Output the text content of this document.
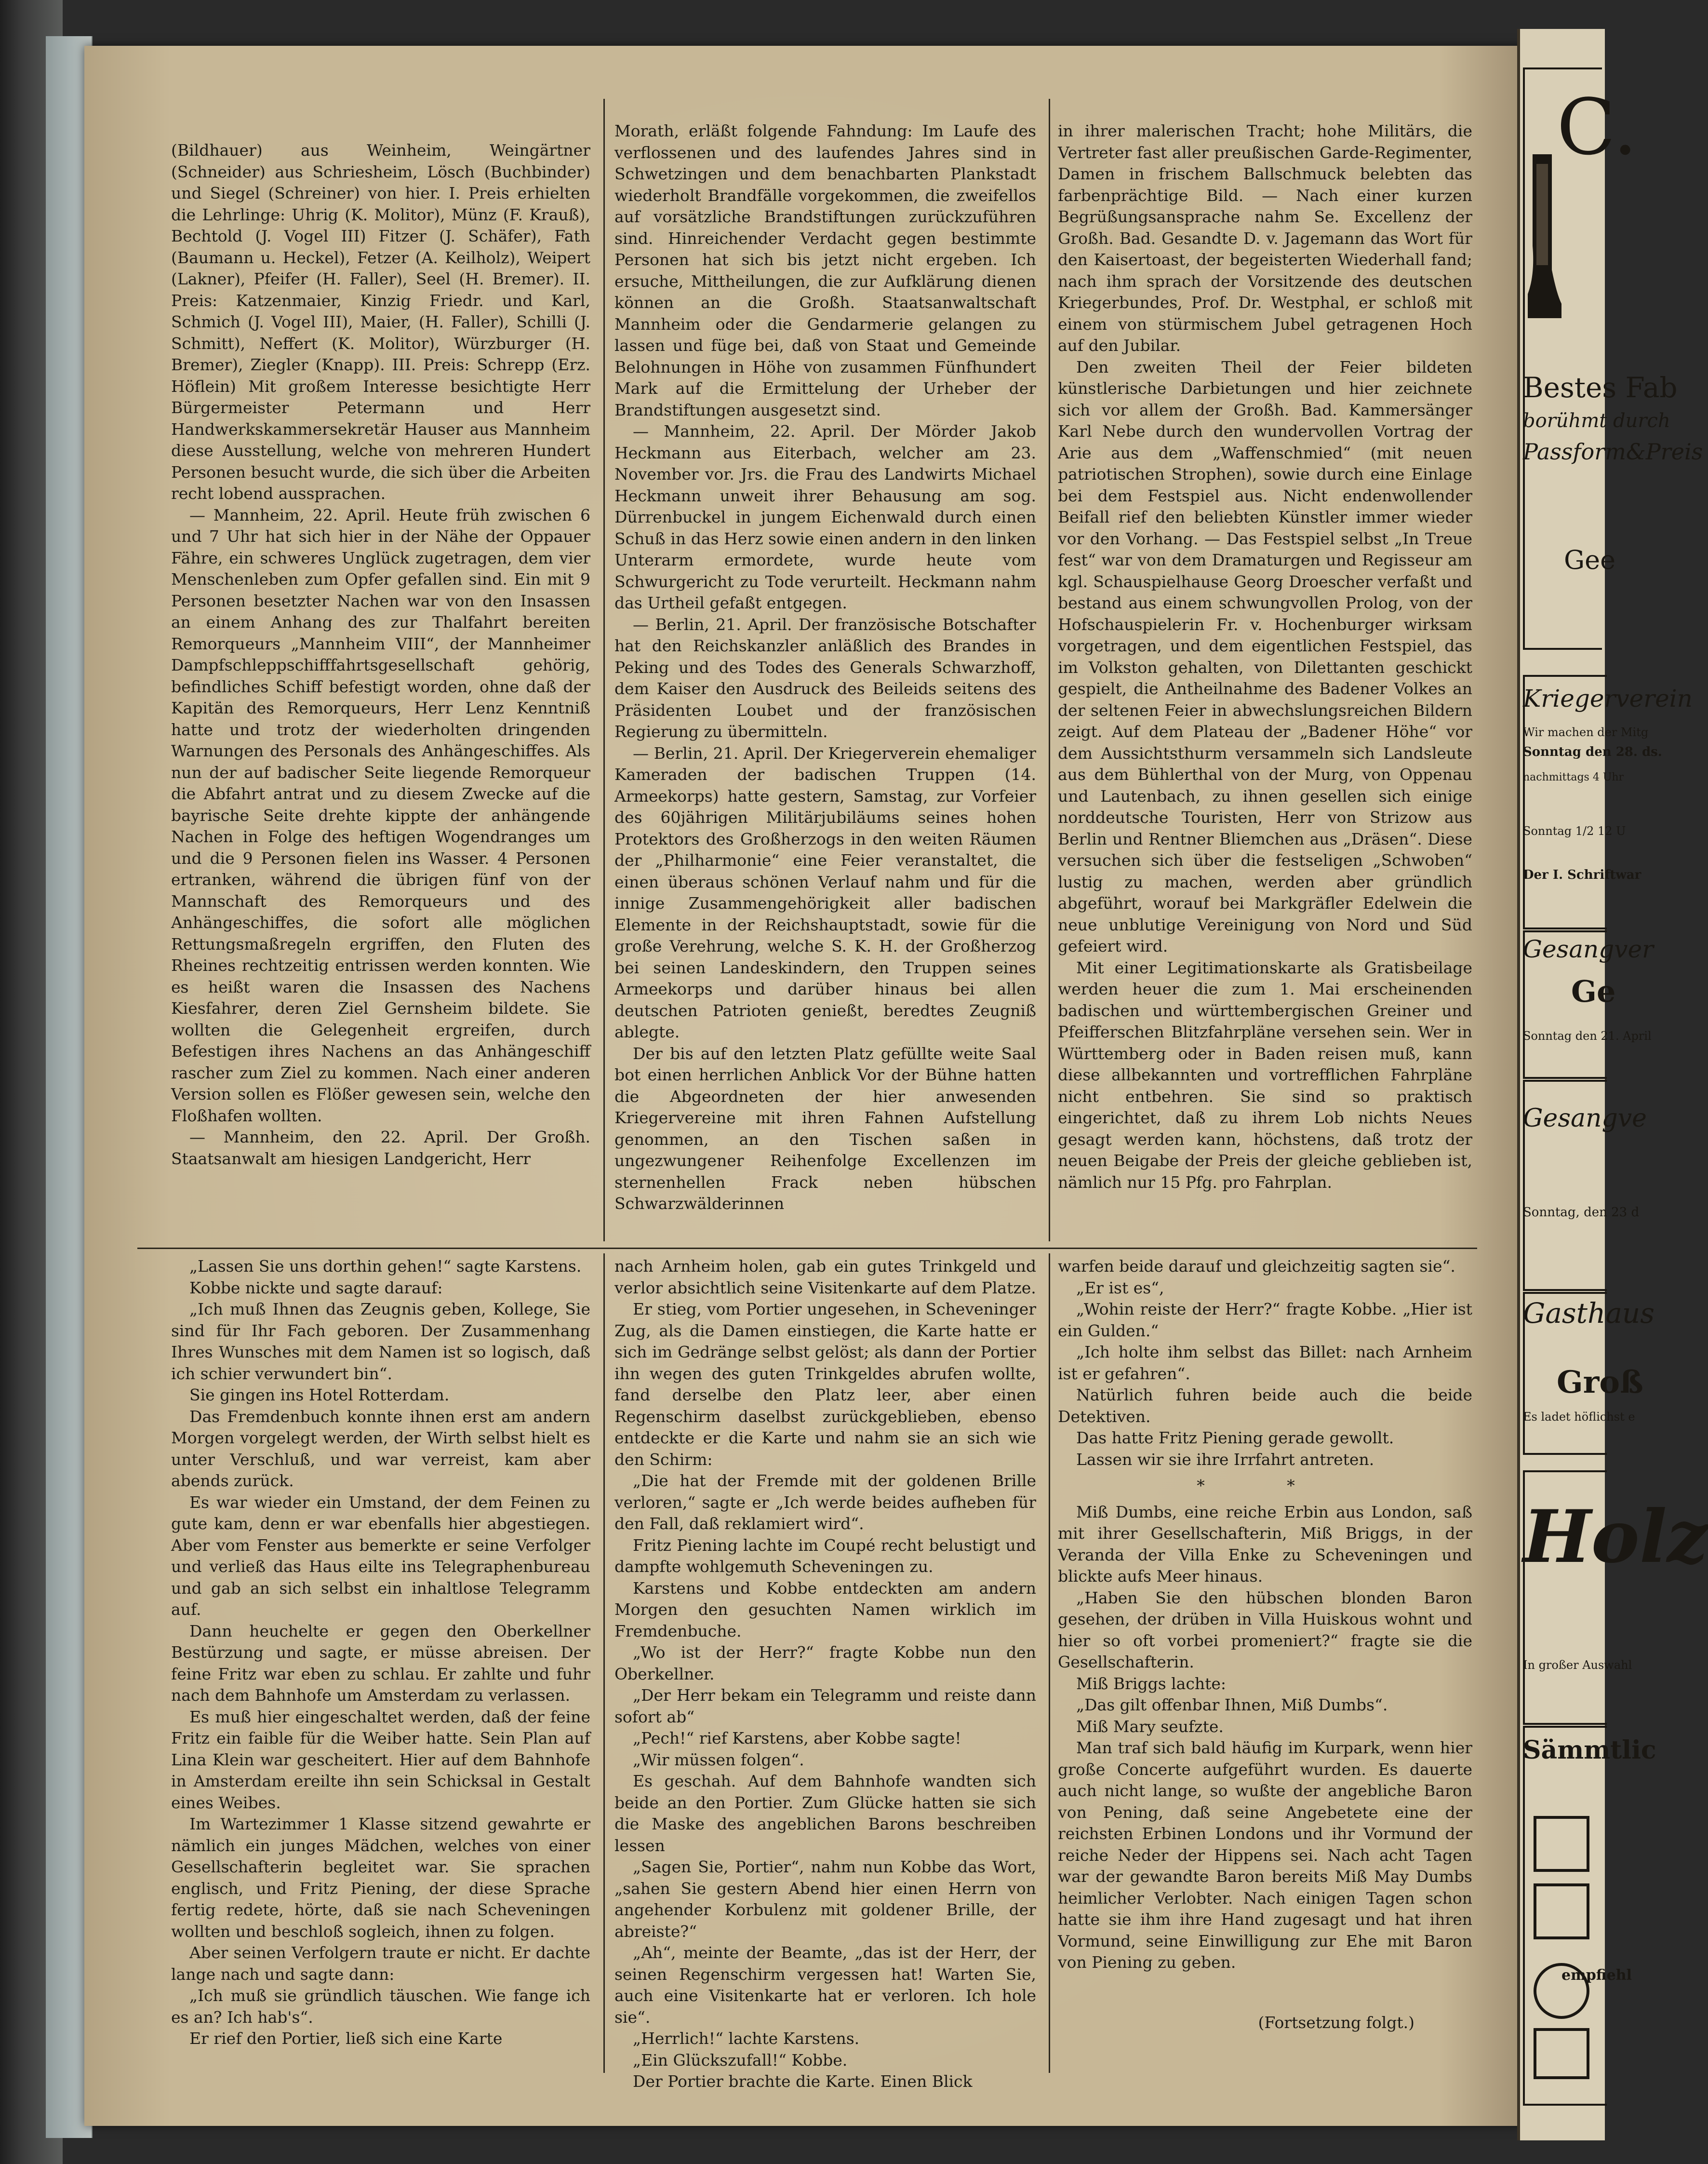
(Bildhauer) aus Weinheim, Weingärtner (Schneider) aus Schriesheim, Lösch (Buchbinder) und Siegel (Schreiner) von hier. I. Preis erhielten die Lehrlinge: Uhrig (K. Molitor), Münz (F. Krauß), Bechtold (J. Vogel III) Fitzer (J. Schäfer), Fath (Baumann u. Heckel), Fetzer (A. Keilholz), Weipert (Lakner), Pfeifer (H. Faller), Seel (H. Bremer). II. Preis: Katzenmaier, Kinzig Friedr. und Karl, Schmich (J. Vogel III), Maier, (H. Faller), Schilli (J. Schmitt), Neffert (K. Molitor), Würzburger (H. Bremer), Ziegler (Knapp). III. Preis: Schrepp (Erz. Höflein) Mit großem Interesse besichtigte Herr Bürgermeister Petermann und Herr Handwerkskammersekretär Hauser aus Mannheim diese Ausstellung, welche von mehreren Hundert Personen besucht wurde, die sich über die Arbeiten recht lobend aussprachen.

— Mannheim, 22. April. Heute früh zwischen 6 und 7 Uhr hat sich hier in der Nähe der Oppauer Fähre, ein schweres Unglück zugetragen, dem vier Menschenleben zum Opfer gefallen sind. Ein mit 9 Personen besetzter Nachen war von den Insassen an einem Anhang des zur Thalfahrt bereiten Remorqueurs „Mannheim VIII“, der Mannheimer Dampfschleppschifffahrtsgesellschaft gehörig, befindliches Schiff befestigt worden, ohne daß der Kapitän des Remorqueurs, Herr Lenz Kenntniß hatte und trotz der wiederholten dringenden Warnungen des Personals des Anhängeschiffes. Als nun der auf badischer Seite liegende Remorqueur die Abfahrt antrat und zu diesem Zwecke auf die bayrische Seite drehte kippte der anhängende Nachen in Folge des heftigen Wogendranges um und die 9 Personen fielen ins Wasser. 4 Personen ertranken, während die übrigen fünf von der Mannschaft des Remorqueurs und des Anhängeschiffes, die sofort alle möglichen Rettungsmaßregeln ergriffen, den Fluten des Rheines rechtzeitig entrissen werden konnten. Wie es heißt waren die Insassen des Nachens Kiesfahrer, deren Ziel Gernsheim bildete. Sie wollten die Gelegenheit ergreifen, durch Befestigen ihres Nachens an das Anhängeschiff rascher zum Ziel zu kommen. Nach einer anderen Version sollen es Flößer gewesen sein, welche den Floßhafen wollten.

— Mannheim, den 22. April. Der Großh. Staatsanwalt am hiesigen Landgericht, Herr

Morath, erläßt folgende Fahndung: Im Laufe des verflossenen und des laufendes Jahres sind in Schwetzingen und dem benachbarten Plankstadt wiederholt Brandfälle vorgekommen, die zweifellos auf vorsätzliche Brandstiftungen zurückzuführen sind. Hinreichender Verdacht gegen bestimmte Personen hat sich bis jetzt nicht ergeben. Ich ersuche, Mittheilungen, die zur Aufklärung dienen können an die Großh. Staatsanwaltschaft Mannheim oder die Gendarmerie gelangen zu lassen und füge bei, daß von Staat und Gemeinde Belohnungen in Höhe von zusammen Fünfhundert Mark auf die Ermittelung der Urheber der Brandstiftungen ausgesetzt sind.

— Mannheim, 22. April. Der Mörder Jakob Heckmann aus Eiterbach, welcher am 23. November vor. Jrs. die Frau des Landwirts Michael Heckmann unweit ihrer Behausung am sog. Dürrenbuckel in jungem Eichenwald durch einen Schuß in das Herz sowie einen andern in den linken Unterarm ermordete, wurde heute vom Schwurgericht zu Tode verurteilt. Heckmann nahm das Urtheil gefaßt entgegen.

— Berlin, 21. April. Der französische Botschafter hat den Reichskanzler anläßlich des Brandes in Peking und des Todes des Generals Schwarzhoff, dem Kaiser den Ausdruck des Beileids seitens des Präsidenten Loubet und der französischen Regierung zu übermitteln.

— Berlin, 21. April. Der Kriegerverein ehemaliger Kameraden der badischen Truppen (14. Armeekorps) hatte gestern, Samstag, zur Vorfeier des 60jährigen Militärjubiläums seines hohen Protektors des Großherzogs in den weiten Räumen der „Philharmonie“ eine Feier veranstaltet, die einen überaus schönen Verlauf nahm und für die innige Zusammengehörigkeit aller badischen Elemente in der Reichshauptstadt, sowie für die große Verehrung, welche S. K. H. der Großherzog bei seinen Landeskindern, den Truppen seines Armeekorps und darüber hinaus bei allen deutschen Patrioten genießt, beredtes Zeugniß ablegte.

Der bis auf den letzten Platz gefüllte weite Saal bot einen herrlichen Anblick Vor der Bühne hatten die Abgeordneten der hier anwesenden Kriegervereine mit ihren Fahnen Aufstellung genommen, an den Tischen saßen in ungezwungener Reihenfolge Excellenzen im sternenhellen Frack neben hübschen Schwarzwälderinnen

in ihrer malerischen Tracht; hohe Militärs, die Vertreter fast aller preußischen Garde-Regimenter, Damen in frischem Ballschmuck belebten das farbenprächtige Bild. — Nach einer kurzen Begrüßungsansprache nahm Se. Excellenz der Großh. Bad. Gesandte D. v. Jagemann das Wort für den Kaisertoast, der begeisterten Wiederhall fand; nach ihm sprach der Vorsitzende des deutschen Kriegerbundes, Prof. Dr. Westphal, er schloß mit einem von stürmischem Jubel getragenen Hoch auf den Jubilar.

Den zweiten Theil der Feier bildeten künstlerische Darbietungen und hier zeichnete sich vor allem der Großh. Bad. Kammersänger Karl Nebe durch den wundervollen Vortrag der Arie aus dem „Waffenschmied“ (mit neuen patriotischen Strophen), sowie durch eine Einlage bei dem Festspiel aus. Nicht endenwollender Beifall rief den beliebten Künstler immer wieder vor den Vorhang. — Das Festspiel selbst „In Treue fest“ war von dem Dramaturgen und Regisseur am kgl. Schauspielhause Georg Droescher verfaßt und bestand aus einem schwungvollen Prolog, von der Hofschauspielerin Fr. v. Hochenburger wirksam vorgetragen, und dem eigentlichen Festspiel, das im Volkston gehalten, von Dilettanten geschickt gespielt, die Antheilnahme des Badener Volkes an der seltenen Feier in abwechslungsreichen Bildern zeigt. Auf dem Plateau der „Badener Höhe“ vor dem Aussichtsthurm versammeln sich Landsleute aus dem Bühlerthal von der Murg, von Oppenau und Lautenbach, zu ihnen gesellen sich einige norddeutsche Touristen, Herr von Strizow aus Berlin und Rentner Bliemchen aus „Dräsen“. Diese versuchen sich über die festseligen „Schwoben“ lustig zu machen, werden aber gründlich abgeführt, worauf bei Markgräfler Edelwein die neue unblutige Vereinigung von Nord und Süd gefeiert wird.

Mit einer Legitimationskarte als Gratisbeilage werden heuer die zum 1. Mai erscheinenden badischen und württembergischen Greiner und Pfeifferschen Blitzfahrpläne versehen sein. Wer in Württemberg oder in Baden reisen muß, kann diese allbekannten und vortrefflichen Fahrpläne nicht entbehren. Sie sind so praktisch eingerichtet, daß zu ihrem Lob nichts Neues gesagt werden kann, höchstens, daß trotz der neuen Beigabe der Preis der gleiche geblieben ist, nämlich nur 15 Pfg. pro Fahrplan.

„Lassen Sie uns dorthin gehen!“ sagte Karstens.

Kobbe nickte und sagte darauf:

„Ich muß Ihnen das Zeugnis geben, Kollege, Sie sind für Ihr Fach geboren. Der Zusammenhang Ihres Wunsches mit dem Namen ist so logisch, daß ich schier verwundert bin“.

Sie gingen ins Hotel Rotterdam.

Das Fremdenbuch konnte ihnen erst am andern Morgen vorgelegt werden, der Wirth selbst hielt es unter Verschluß, und war verreist, kam aber abends zurück.

Es war wieder ein Umstand, der dem Feinen zu gute kam, denn er war ebenfalls hier abgestiegen. Aber vom Fenster aus bemerkte er seine Verfolger und verließ das Haus eilte ins Telegraphenbureau und gab an sich selbst ein inhaltlose Telegramm auf.

Dann heuchelte er gegen den Oberkellner Bestürzung und sagte, er müsse abreisen. Der feine Fritz war eben zu schlau. Er zahlte und fuhr nach dem Bahnhofe um Amsterdam zu verlassen.

Es muß hier eingeschaltet werden, daß der feine Fritz ein faible für die Weiber hatte. Sein Plan auf Lina Klein war gescheitert. Hier auf dem Bahnhofe in Amsterdam ereilte ihn sein Schicksal in Gestalt eines Weibes.

Im Wartezimmer 1 Klasse sitzend gewahrte er nämlich ein junges Mädchen, welches von einer Gesellschafterin begleitet war. Sie sprachen englisch, und Fritz Piening, der diese Sprache fertig redete, hörte, daß sie nach Scheveningen wollten und beschloß sogleich, ihnen zu folgen.

Aber seinen Verfolgern traute er nicht. Er dachte lange nach und sagte dann:

„Ich muß sie gründlich täuschen. Wie fange ich es an? Ich hab's“.

Er rief den Portier, ließ sich eine Karte

nach Arnheim holen, gab ein gutes Trinkgeld und verlor absichtlich seine Visitenkarte auf dem Platze.

Er stieg, vom Portier ungesehen, in Scheveninger Zug, als die Damen einstiegen, die Karte hatte er sich im Gedränge selbst gelöst; als dann der Portier ihn wegen des guten Trinkgeldes abrufen wollte, fand derselbe den Platz leer, aber einen Regenschirm daselbst zurückgeblieben, ebenso entdeckte er die Karte und nahm sie an sich wie den Schirm:

„Die hat der Fremde mit der goldenen Brille verloren,“ sagte er „Ich werde beides aufheben für den Fall, daß reklamiert wird“.

Fritz Piening lachte im Coupé recht belustigt und dampfte wohlgemuth Scheveningen zu.

Karstens und Kobbe entdeckten am andern Morgen den gesuchten Namen wirklich im Fremdenbuche.

„Wo ist der Herr?“ fragte Kobbe nun den Oberkellner.

„Der Herr bekam ein Telegramm und reiste dann sofort ab“

„Pech!“ rief Karstens, aber Kobbe sagte!

„Wir müssen folgen“.

Es geschah. Auf dem Bahnhofe wandten sich beide an den Portier. Zum Glücke hatten sie sich die Maske des angeblichen Barons beschreiben lessen

„Sagen Sie, Portier“, nahm nun Kobbe das Wort, „sahen Sie gestern Abend hier einen Herrn von angehender Korbulenz mit goldener Brille, der abreiste?“

„Ah“, meinte der Beamte, „das ist der Herr, der seinen Regenschirm vergessen hat! Warten Sie, auch eine Visitenkarte hat er verloren. Ich hole sie“.

„Herrlich!“ lachte Karstens.

„Ein Glückszufall!“ Kobbe.

Der Portier brachte die Karte. Einen Blick

warfen beide darauf und gleichzeitig sagten sie“.

„Er ist es“,

„Wohin reiste der Herr?“ fragte Kobbe. „Hier ist ein Gulden.“

„Ich holte ihm selbst das Billet: nach Arnheim ist er gefahren“.

Natürlich fuhren beide auch die beide Detektiven.

Das hatte Fritz Piening gerade gewollt.

Lassen wir sie ihre Irrfahrt antreten.

* *

Miß Dumbs, eine reiche Erbin aus London, saß mit ihrer Gesellschafterin, Miß Briggs, in der Veranda der Villa Enke zu Scheveningen und blickte aufs Meer hinaus.

„Haben Sie den hübschen blonden Baron gesehen, der drüben in Villa Huiskous wohnt und hier so oft vorbei promeniert?“ fragte sie die Gesellschafterin.

Miß Briggs lachte:

„Das gilt offenbar Ihnen, Miß Dumbs“.

Miß Mary seufzte.

Man traf sich bald häufig im Kurpark, wenn hier große Concerte aufgeführt wurden. Es dauerte auch nicht lange, so wußte der angebliche Baron von Pening, daß seine Angebetete eine der reichsten Erbinen Londons und ihr Vormund der reiche Neder der Hippens sei. Nach acht Tagen war der gewandte Baron bereits Miß May Dumbs heimlicher Verlobter. Nach einigen Tagen schon hatte sie ihm ihre Hand zugesagt und hat ihren Vormund, seine Einwilligung zur Ehe mit Baron von Piening zu geben.

(Fortsetzung folgt.)

C.
Bestes Fab
borühmt durch
Passform&Preis
Gee
Kriegerverein
Wir machen der Mitg
Sonntag den 28. ds.
nachmittags 4 Uhr
Sonntag 1/2 12 U
Der I. Schriftwar
Gesangver
Ge
Sonntag den 21. April
Gesangve
Sonntag, den 23 d
Gasthaus
Groß
Es ladet höflichst e
Holz
In großer Auswahl
Sämmtlic
empfiehl
